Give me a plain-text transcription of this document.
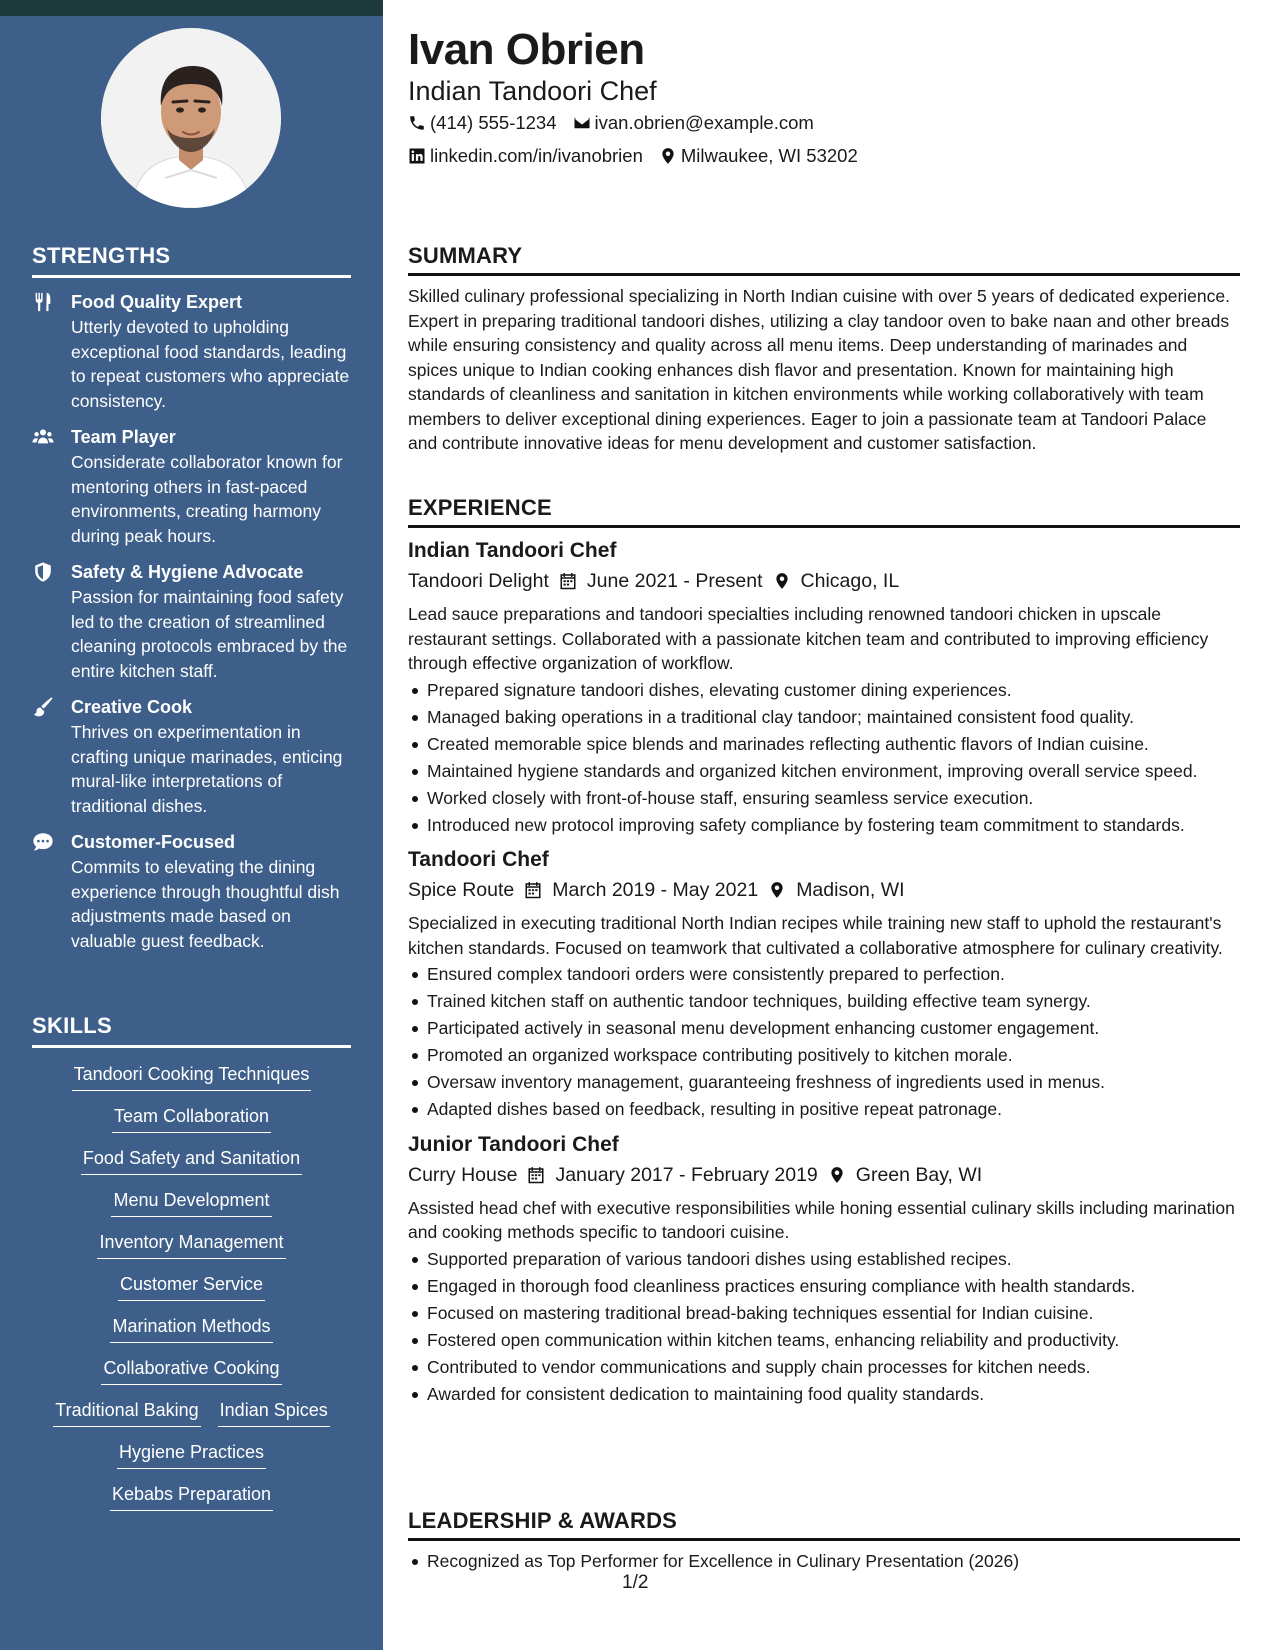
STRENGTHS
Food Quality Expert
Utterly devoted to upholding exceptional food standards, leading to repeat customers who appreciate consistency.
Team Player
Considerate collaborator known for mentoring others in fast-paced environments, creating harmony during peak hours.
Safety & Hygiene Advocate
Passion for maintaining food safety led to the creation of streamlined cleaning protocols embraced by the entire kitchen staff.
Creative Cook
Thrives on experimentation in crafting unique marinades, enticing mural-like interpretations of traditional dishes.
Customer-Focused
Commits to elevating the dining experience through thoughtful dish adjustments made based on valuable guest feedback.
SKILLS
Tandoori Cooking Techniques
Team Collaboration
Food Safety and Sanitation
Menu Development
Inventory Management
Customer Service
Marination Methods
Collaborative Cooking
Traditional Baking Indian Spices
Hygiene Practices
Kebabs Preparation
Ivan Obrien
Indian Tandoori Chef
(414) 555-1234 ivan.obrien@example.com
linkedin.com/in/ivanobrien Milwaukee, WI 53202
SUMMARY
Skilled culinary professional specializing in North Indian cuisine with over 5 years of dedicated experience. Expert in preparing traditional tandoori dishes, utilizing a clay tandoor oven to bake naan and other breads while ensuring consistency and quality across all menu items. Deep understanding of marinades and spices unique to Indian cooking enhances dish flavor and presentation. Known for maintaining high standards of cleanliness and sanitation in kitchen environments while working collaboratively with team members to deliver exceptional dining experiences. Eager to join a passionate team at Tandoori Palace and contribute innovative ideas for menu development and customer satisfaction.
EXPERIENCE
Indian Tandoori Chef
Tandoori Delight June 2021 - Present Chicago, IL
Lead sauce preparations and tandoori specialties including renowned tandoori chicken in upscale restaurant settings. Collaborated with a passionate kitchen team and contributed to improving efficiency through effective organization of workflow.
Prepared signature tandoori dishes, elevating customer dining experiences.
Managed baking operations in a traditional clay tandoor; maintained consistent food quality.
Created memorable spice blends and marinades reflecting authentic flavors of Indian cuisine.
Maintained hygiene standards and organized kitchen environment, improving overall service speed.
Worked closely with front-of-house staff, ensuring seamless service execution.
Introduced new protocol improving safety compliance by fostering team commitment to standards.
Tandoori Chef
Spice Route March 2019 - May 2021 Madison, WI
Specialized in executing traditional North Indian recipes while training new staff to uphold the restaurant's kitchen standards. Focused on teamwork that cultivated a collaborative atmosphere for culinary creativity.
Ensured complex tandoori orders were consistently prepared to perfection.
Trained kitchen staff on authentic tandoor techniques, building effective team synergy.
Participated actively in seasonal menu development enhancing customer engagement.
Promoted an organized workspace contributing positively to kitchen morale.
Oversaw inventory management, guaranteeing freshness of ingredients used in menus.
Adapted dishes based on feedback, resulting in positive repeat patronage.
Junior Tandoori Chef
Curry House January 2017 - February 2019 Green Bay, WI
Assisted head chef with executive responsibilities while honing essential culinary skills including marination and cooking methods specific to tandoori cuisine.
Supported preparation of various tandoori dishes using established recipes.
Engaged in thorough food cleanliness practices ensuring compliance with health standards.
Focused on mastering traditional bread-baking techniques essential for Indian cuisine.
Fostered open communication within kitchen teams, enhancing reliability and productivity.
Contributed to vendor communications and supply chain processes for kitchen needs.
Awarded for consistent dedication to maintaining food quality standards.
LEADERSHIP & AWARDS
Recognized as Top Performer for Excellence in Culinary Presentation (2026)
1/2
